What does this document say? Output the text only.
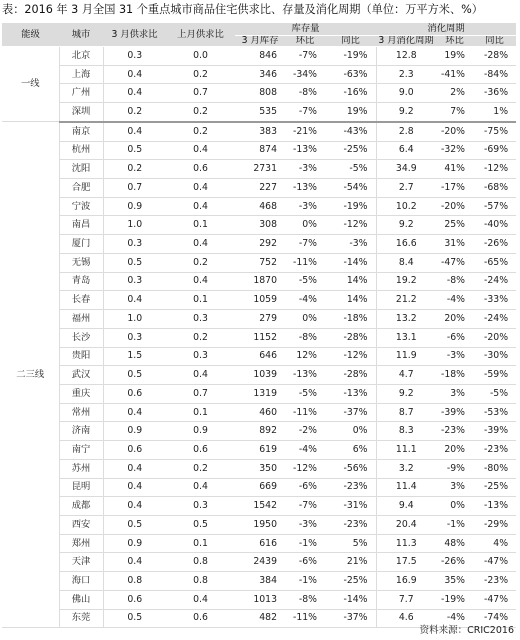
表：2016 年 3 月全国 31 个重点城市商品住宅供求比、存量及消化周期（单位：万平方米、%）
能级	城市	3 月供求比	上月供求比	库存量			消化周期		
				3 月库存	环比	同比	3 月消化周期	环比	同比
一线	北京	0.3	0.0	846	-7%	-19%	12.8	19%	-28%
	上海	0.4	0.2	346	-34%	-63%	2.3	-41%	-84%
	广州	0.4	0.7	808	-8%	-16%	9.0	2%	-36%
	深圳	0.2	0.2	535	-7%	19%	9.2	7%	1%
二三线	南京	0.4	0.2	383	-21%	-43%	2.8	-20%	-75%
	杭州	0.5	0.4	874	-13%	-25%	6.4	-32%	-69%
	沈阳	0.2	0.6	2731	-3%	-5%	34.9	41%	-12%
	合肥	0.7	0.4	227	-13%	-54%	2.7	-17%	-68%
	宁波	0.9	0.4	468	-3%	-19%	10.2	-20%	-57%
	南昌	1.0	0.1	308	0%	-12%	9.2	25%	-40%
	厦门	0.3	0.4	292	-7%	-3%	16.6	31%	-26%
	无锡	0.5	0.2	752	-11%	-14%	8.4	-47%	-65%
	青岛	0.3	0.4	1870	-5%	14%	19.2	-8%	-24%
	长春	0.4	0.1	1059	-4%	14%	21.2	-4%	-33%
	福州	1.0	0.3	279	0%	-18%	13.2	20%	-24%
	长沙	0.3	0.2	1152	-8%	-28%	13.1	-6%	-20%
	贵阳	1.5	0.3	646	12%	-12%	11.9	-3%	-30%
	武汉	0.5	0.4	1039	-13%	-28%	4.7	-18%	-59%
	重庆	0.6	0.7	1319	-5%	-13%	9.2	3%	-5%
	常州	0.4	0.1	460	-11%	-37%	8.7	-39%	-53%
	济南	0.9	0.9	892	-2%	0%	8.3	-23%	-39%
	南宁	0.6	0.6	619	-4%	6%	11.1	20%	-23%
	苏州	0.4	0.2	350	-12%	-56%	3.2	-9%	-80%
	昆明	0.4	0.4	669	-6%	-23%	11.4	3%	-25%
	成都	0.4	0.3	1542	-7%	-31%	9.4	0%	-13%
	西安	0.5	0.5	1950	-3%	-23%	20.4	-1%	-29%
	郑州	0.9	0.1	616	-1%	5%	11.3	48%	4%
	天津	0.4	0.8	2439	-6%	21%	17.5	-26%	-47%
	海口	0.8	0.8	384	-1%	-25%	16.9	35%	-23%
	佛山	0.6	0.4	1013	-8%	-14%	7.7	-19%	-47%
	东莞	0.5	0.6	482	-11%	-37%	4.6	-4%	-74%
资料来源：CRIC2016
